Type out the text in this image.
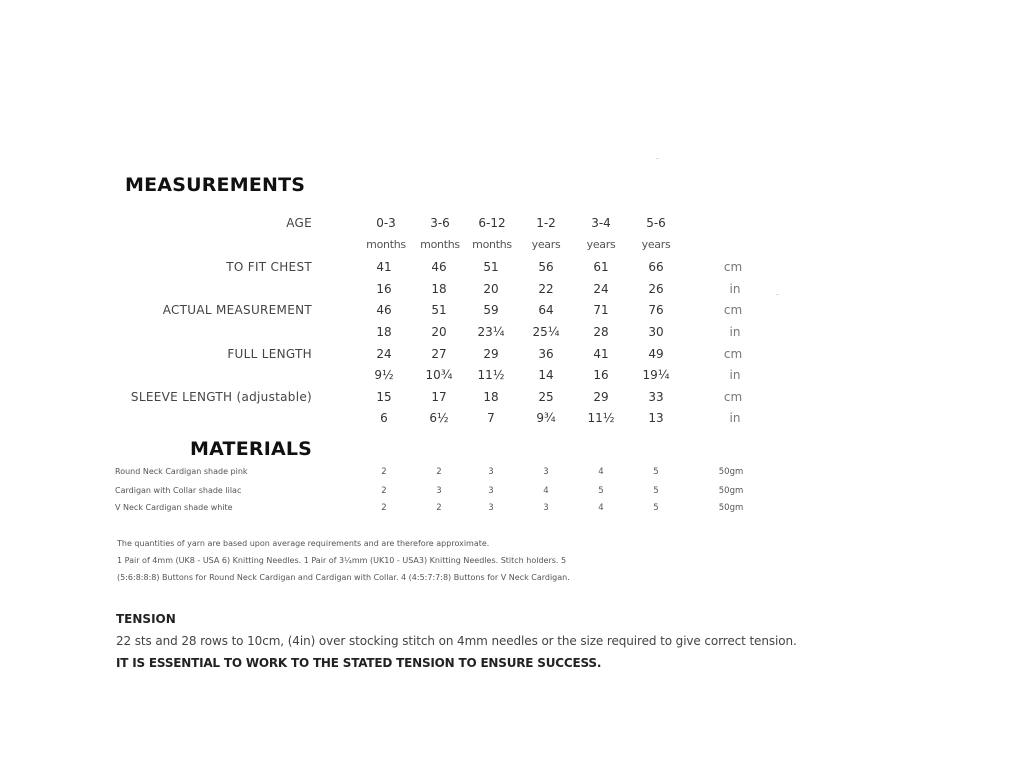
MEASUREMENTS
AGE	0-3	3-6	6-12	1-2	3-4	5-6
months	months	months	years	years	years
TO FIT CHEST	41	46	51	56	61	66	cm
16	18	20	22	24	26	in
ACTUAL MEASUREMENT	46	51	59	64	71	76	cm
18	20	23¼	25¼	28	30	in
FULL LENGTH	24	27	29	36	41	49	cm
9½	10¾	11½	14	16	19¼	in
SLEEVE LENGTH (adjustable)	15	17	18	25	29	33	cm
6	6½	7	9¾	11½	13	in
MATERIALS
Round Neck Cardigan shade pink	2	2	3	3	4	5	50gm
Cardigan with Collar shade lilac	2	3	3	4	5	5	50gm
V Neck Cardigan shade white	2	2	3	3	4	5	50gm
The quantities of yarn are based upon average requirements and are therefore approximate.
1 Pair of 4mm (UK8 - USA 6) Knitting Needles. 1 Pair of 3¼mm (UK10 - USA3) Knitting Needles. Stitch holders. 5
(5:6:8:8:8) Buttons for Round Neck Cardigan and Cardigan with Collar. 4 (4:5:7:7:8) Buttons for V Neck Cardigan.
TENSION
22 sts and 28 rows to 10cm, (4in) over stocking stitch on 4mm needles or the size required to give correct tension.
IT IS ESSENTIAL TO WORK TO THE STATED TENSION TO ENSURE SUCCESS.
